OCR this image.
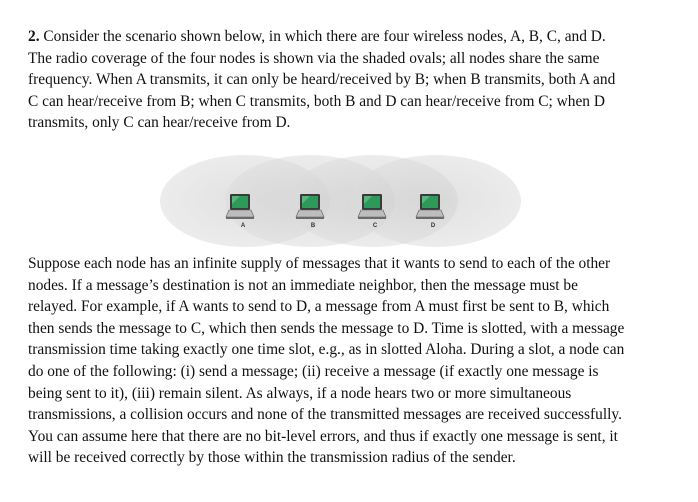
2. Consider the scenario shown below, in which there are four wireless nodes, A, B, C, and D.
The radio coverage of the four nodes is shown via the shaded ovals; all nodes share the same
frequency. When A transmits, it can only be heard/received by B; when B transmits, both A and
C can hear/receive from B; when C transmits, both B and D can hear/receive from C; when D
transmits, only C can hear/receive from D.
A	B	C	D
Suppose each node has an infinite supply of messages that it wants to send to each of the other
nodes. If a message’s destination is not an immediate neighbor, then the message must be
relayed. For example, if A wants to send to D, a message from A must first be sent to B, which
then sends the message to C, which then sends the message to D. Time is slotted, with a message
transmission time taking exactly one time slot, e.g., as in slotted Aloha. During a slot, a node can
do one of the following: (i) send a message; (ii) receive a message (if exactly one message is
being sent to it), (iii) remain silent. As always, if a node hears two or more simultaneous
transmissions, a collision occurs and none of the transmitted messages are received successfully.
You can assume here that there are no bit-level errors, and thus if exactly one message is sent, it
will be received correctly by those within the transmission radius of the sender.
